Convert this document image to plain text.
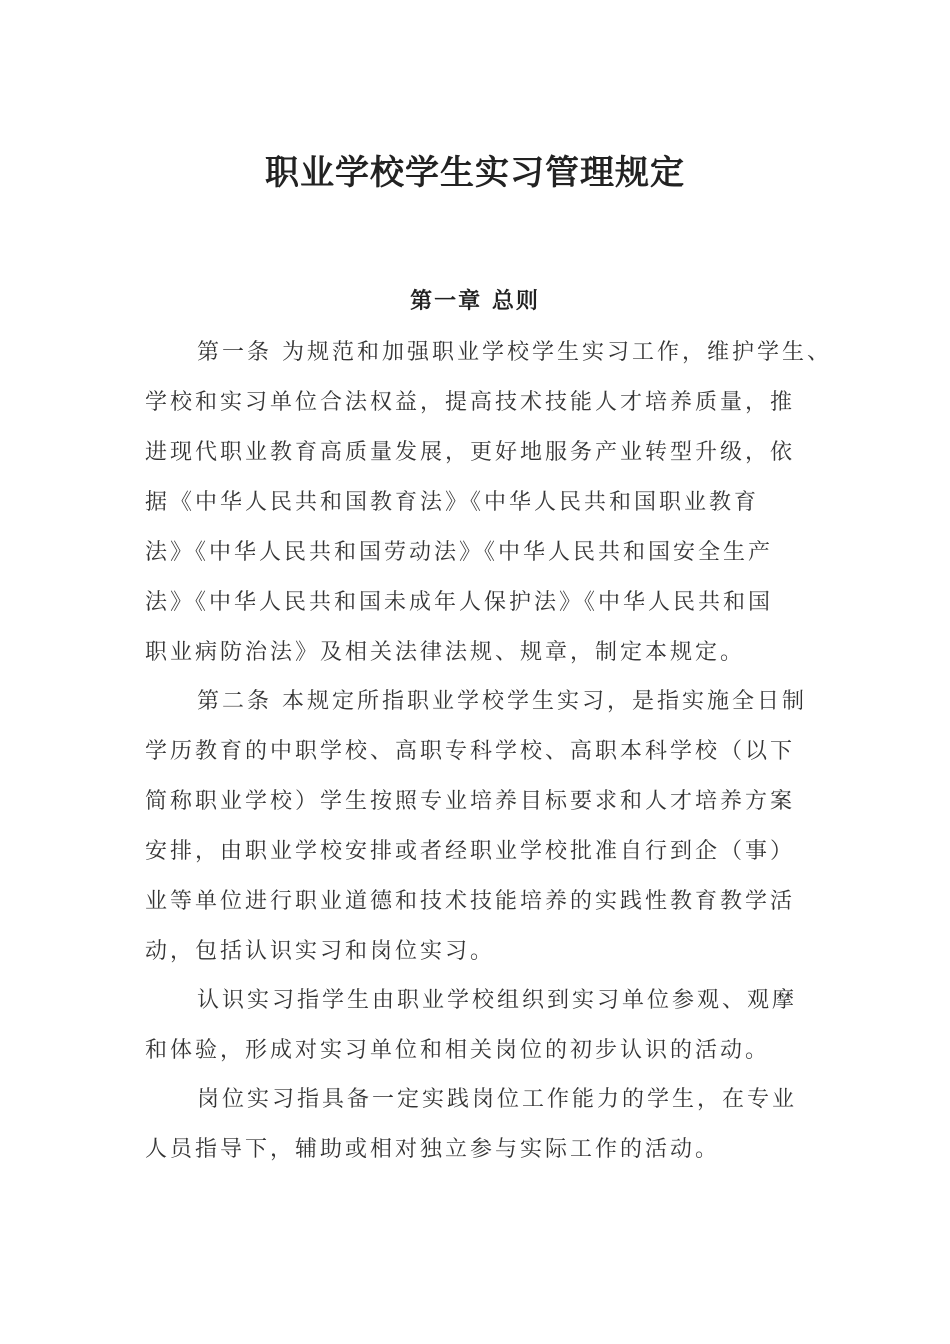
职业学校学生实习管理规定
第一章 总则
第一条 为规范和加强职业学校学生实习工作，维护学生、
学校和实习单位合法权益，提高技术技能人才培养质量，推
进现代职业教育高质量发展，更好地服务产业转型升级，依
据《中华人民共和国教育法》《中华人民共和国职业教育
法》《中华人民共和国劳动法》《中华人民共和国安全生产
法》《中华人民共和国未成年人保护法》《中华人民共和国
职业病防治法》及相关法律法规、规章，制定本规定。
第二条 本规定所指职业学校学生实习，是指实施全日制
学历教育的中职学校、高职专科学校、高职本科学校（以下
简称职业学校）学生按照专业培养目标要求和人才培养方案
安排，由职业学校安排或者经职业学校批准自行到企（事）
业等单位进行职业道德和技术技能培养的实践性教育教学活
动，包括认识实习和岗位实习。
认识实习指学生由职业学校组织到实习单位参观、观摩
和体验，形成对实习单位和相关岗位的初步认识的活动。
岗位实习指具备一定实践岗位工作能力的学生，在专业
人员指导下，辅助或相对独立参与实际工作的活动。
